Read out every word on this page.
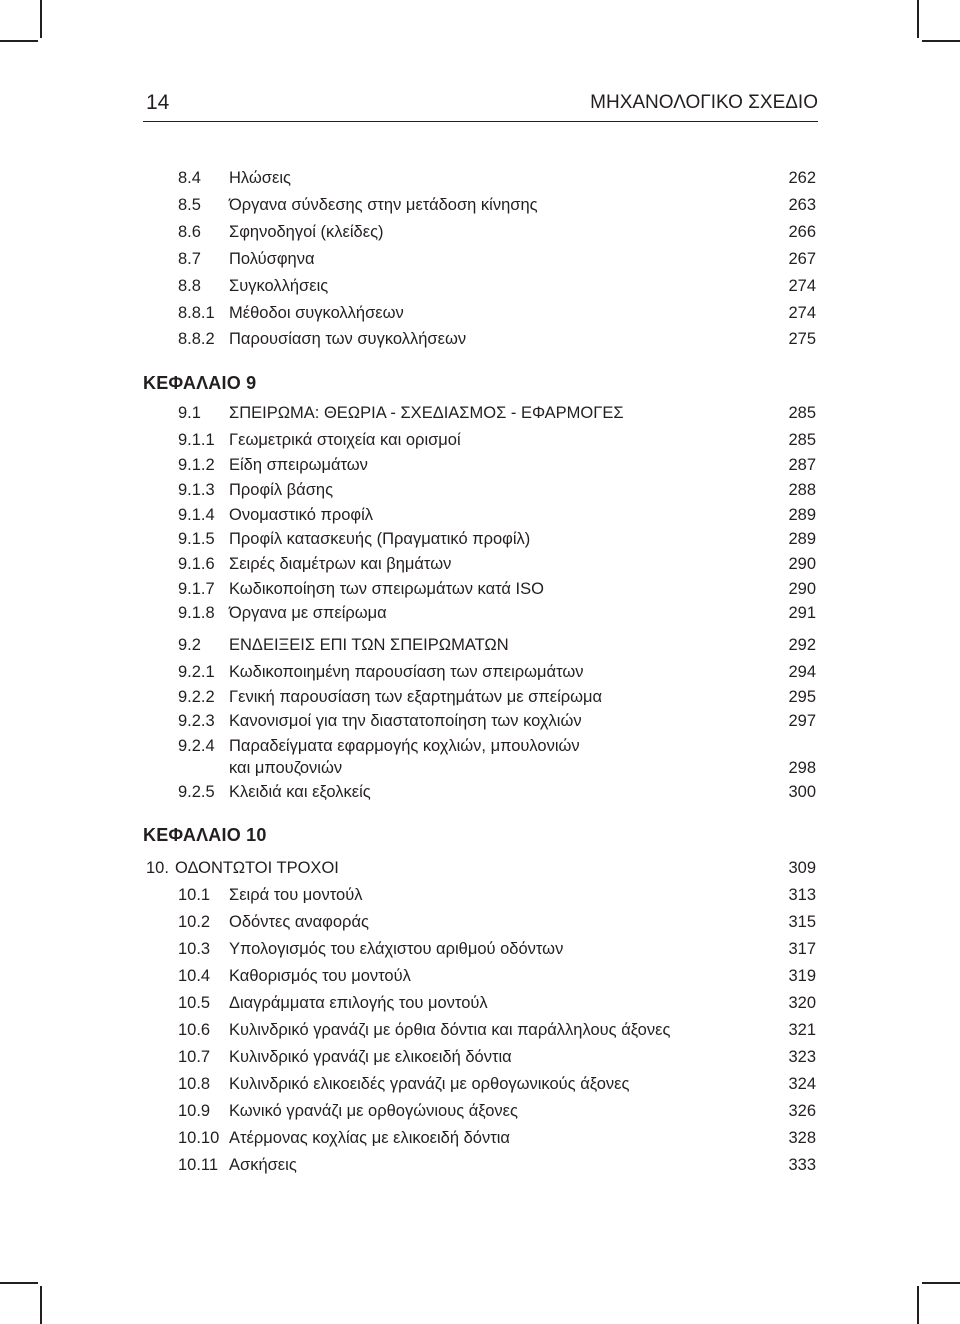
14	ΜΗΧΑΝΟΛΟΓΙΚΟ ΣΧΕΔΙΟ
ΚΕΦΑΛΑΙΟ 9
ΚΕΦΑΛΑΙΟ 10
8.4 Ηλώσεις	262
8.5 Όργανα σύνδεσης στην μετάδοση κίνησης	263
8.6 Σφηνοδηγοί (κλείδες)	266
8.7 Πολύσφηνα	267
8.8 Συγκολλήσεις	274
8.8.1 Μέθοδοι συγκολλήσεων	274
8.8.2 Παρουσίαση των συγκολλήσεων	275
9.1 ΣΠΕΙΡΩΜΑ: ΘΕΩΡΙΑ - ΣΧΕΔΙΑΣΜΟΣ - ΕΦΑΡΜΟΓΕΣ	285
9.1.1 Γεωμετρικά στοιχεία και ορισμοί	285
9.1.2 Είδη σπειρωμάτων	287
9.1.3 Προφίλ βάσης	288
9.1.4 Ονομαστικό προφίλ	289
9.1.5 Προφίλ κατασκευής (Πραγματικό προφίλ)	289
9.1.6 Σειρές διαμέτρων και βημάτων	290
9.1.7 Κωδικοποίηση των σπειρωμάτων κατά ISO	290
9.1.8 Όργανα με σπείρωμα	291
9.2 ΕΝΔΕΙΞΕΙΣ ΕΠΙ ΤΩΝ ΣΠΕΙΡΩΜΑΤΩΝ	292
9.2.1 Κωδικοποιημένη παρουσίαση των σπειρωμάτων	294
9.2.2 Γενική παρουσίαση των εξαρτημάτων με σπείρωμα	295
9.2.3 Κανονισμοί για την διαστατοποίηση των κοχλιών	297
9.2.4 Παραδείγματα εφαρμογής κοχλιών, μπουλονιών
και μπουζονιών	298
9.2.5 Κλειδιά και εξολκείς	300
10. ΟΔΟΝΤΩΤΟΙ ΤΡΟΧΟΙ	309
10.1 Σειρά του μοντούλ	313
10.2 Οδόντες αναφοράς	315
10.3 Υπολογισμός του ελάχιστου αριθμού οδόντων	317
10.4 Καθορισμός του μοντούλ	319
10.5 Διαγράμματα επιλογής του μοντούλ	320
10.6 Κυλινδρικό γρανάζι με όρθια δόντια και παράλληλους άξονες	321
10.7 Κυλινδρικό γρανάζι με ελικοειδή δόντια	323
10.8 Κυλινδρικό ελικοειδές γρανάζι με ορθογωνικούς άξονες	324
10.9 Κωνικό γρανάζι με ορθογώνιους άξονες	326
10.10 Ατέρμονας κοχλίας με ελικοειδή δόντια	328
10.11 Ασκήσεις	333
